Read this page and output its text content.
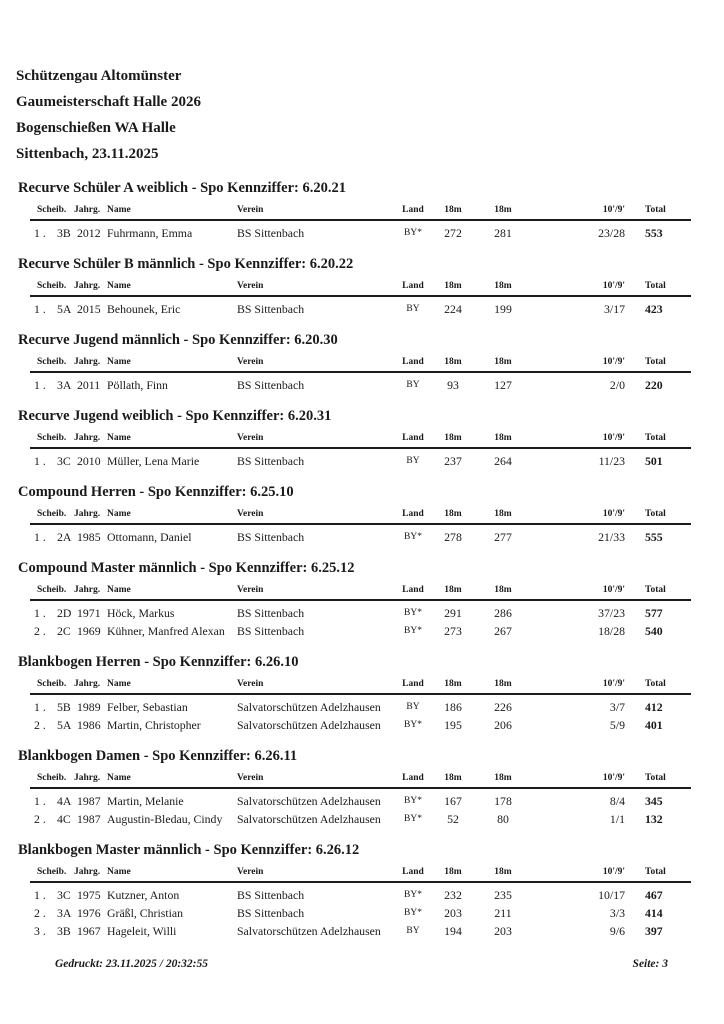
Schützengau Altomünster
Gaumeisterschaft Halle 2026
Bogenschießen WA Halle
Sittenbach, 23.11.2025
Recurve Schüler A weiblich - Spo Kennziffer: 6.20.21
Scheib.		Jahrg.	Name	Verein	Land	18m	18m	10'/9'	Total
1 .	3B	2012	Fuhrmann, Emma	BS Sittenbach	BY*	272	281	23/28	553
Recurve Schüler B männlich - Spo Kennziffer: 6.20.22
Scheib.		Jahrg.	Name	Verein	Land	18m	18m	10'/9'	Total
1 .	5A	2015	Behounek, Eric	BS Sittenbach	BY	224	199	3/17	423
Recurve Jugend männlich - Spo Kennziffer: 6.20.30
Scheib.		Jahrg.	Name	Verein	Land	18m	18m	10'/9'	Total
1 .	3A	2011	Pöllath, Finn	BS Sittenbach	BY	93	127	2/0	220
Recurve Jugend weiblich - Spo Kennziffer: 6.20.31
Scheib.		Jahrg.	Name	Verein	Land	18m	18m	10'/9'	Total
1 .	3C	2010	Müller, Lena Marie	BS Sittenbach	BY	237	264	11/23	501
Compound Herren - Spo Kennziffer: 6.25.10
Scheib.		Jahrg.	Name	Verein	Land	18m	18m	10'/9'	Total
1 .	2A	1985	Ottomann, Daniel	BS Sittenbach	BY*	278	277	21/33	555
Compound Master männlich - Spo Kennziffer: 6.25.12
Scheib.		Jahrg.	Name	Verein	Land	18m	18m	10'/9'	Total
1 .	2D	1971	Höck, Markus	BS Sittenbach	BY*	291	286	37/23	577
2 .	2C	1969	Kühner, Manfred Alexan	BS Sittenbach	BY*	273	267	18/28	540
Blankbogen Herren - Spo Kennziffer: 6.26.10
Scheib.		Jahrg.	Name	Verein	Land	18m	18m	10'/9'	Total
1 .	5B	1989	Felber, Sebastian	Salvatorschützen Adelzhausen	BY	186	226	3/7	412
2 .	5A	1986	Martin, Christopher	Salvatorschützen Adelzhausen	BY*	195	206	5/9	401
Blankbogen Damen - Spo Kennziffer: 6.26.11
Scheib.		Jahrg.	Name	Verein	Land	18m	18m	10'/9'	Total
1 .	4A	1987	Martin, Melanie	Salvatorschützen Adelzhausen	BY*	167	178	8/4	345
2 .	4C	1987	Augustin-Bledau, Cindy	Salvatorschützen Adelzhausen	BY*	52	80	1/1	132
Blankbogen Master männlich - Spo Kennziffer: 6.26.12
Scheib.		Jahrg.	Name	Verein	Land	18m	18m	10'/9'	Total
1 .	3C	1975	Kutzner, Anton	BS Sittenbach	BY*	232	235	10/17	467
2 .	3A	1976	Gräßl, Christian	BS Sittenbach	BY*	203	211	3/3	414
3 .	3B	1967	Hageleit, Willi	Salvatorschützen Adelzhausen	BY	194	203	9/6	397
Gedruckt: 23.11.2025 / 20:32:55	Seite: 3
